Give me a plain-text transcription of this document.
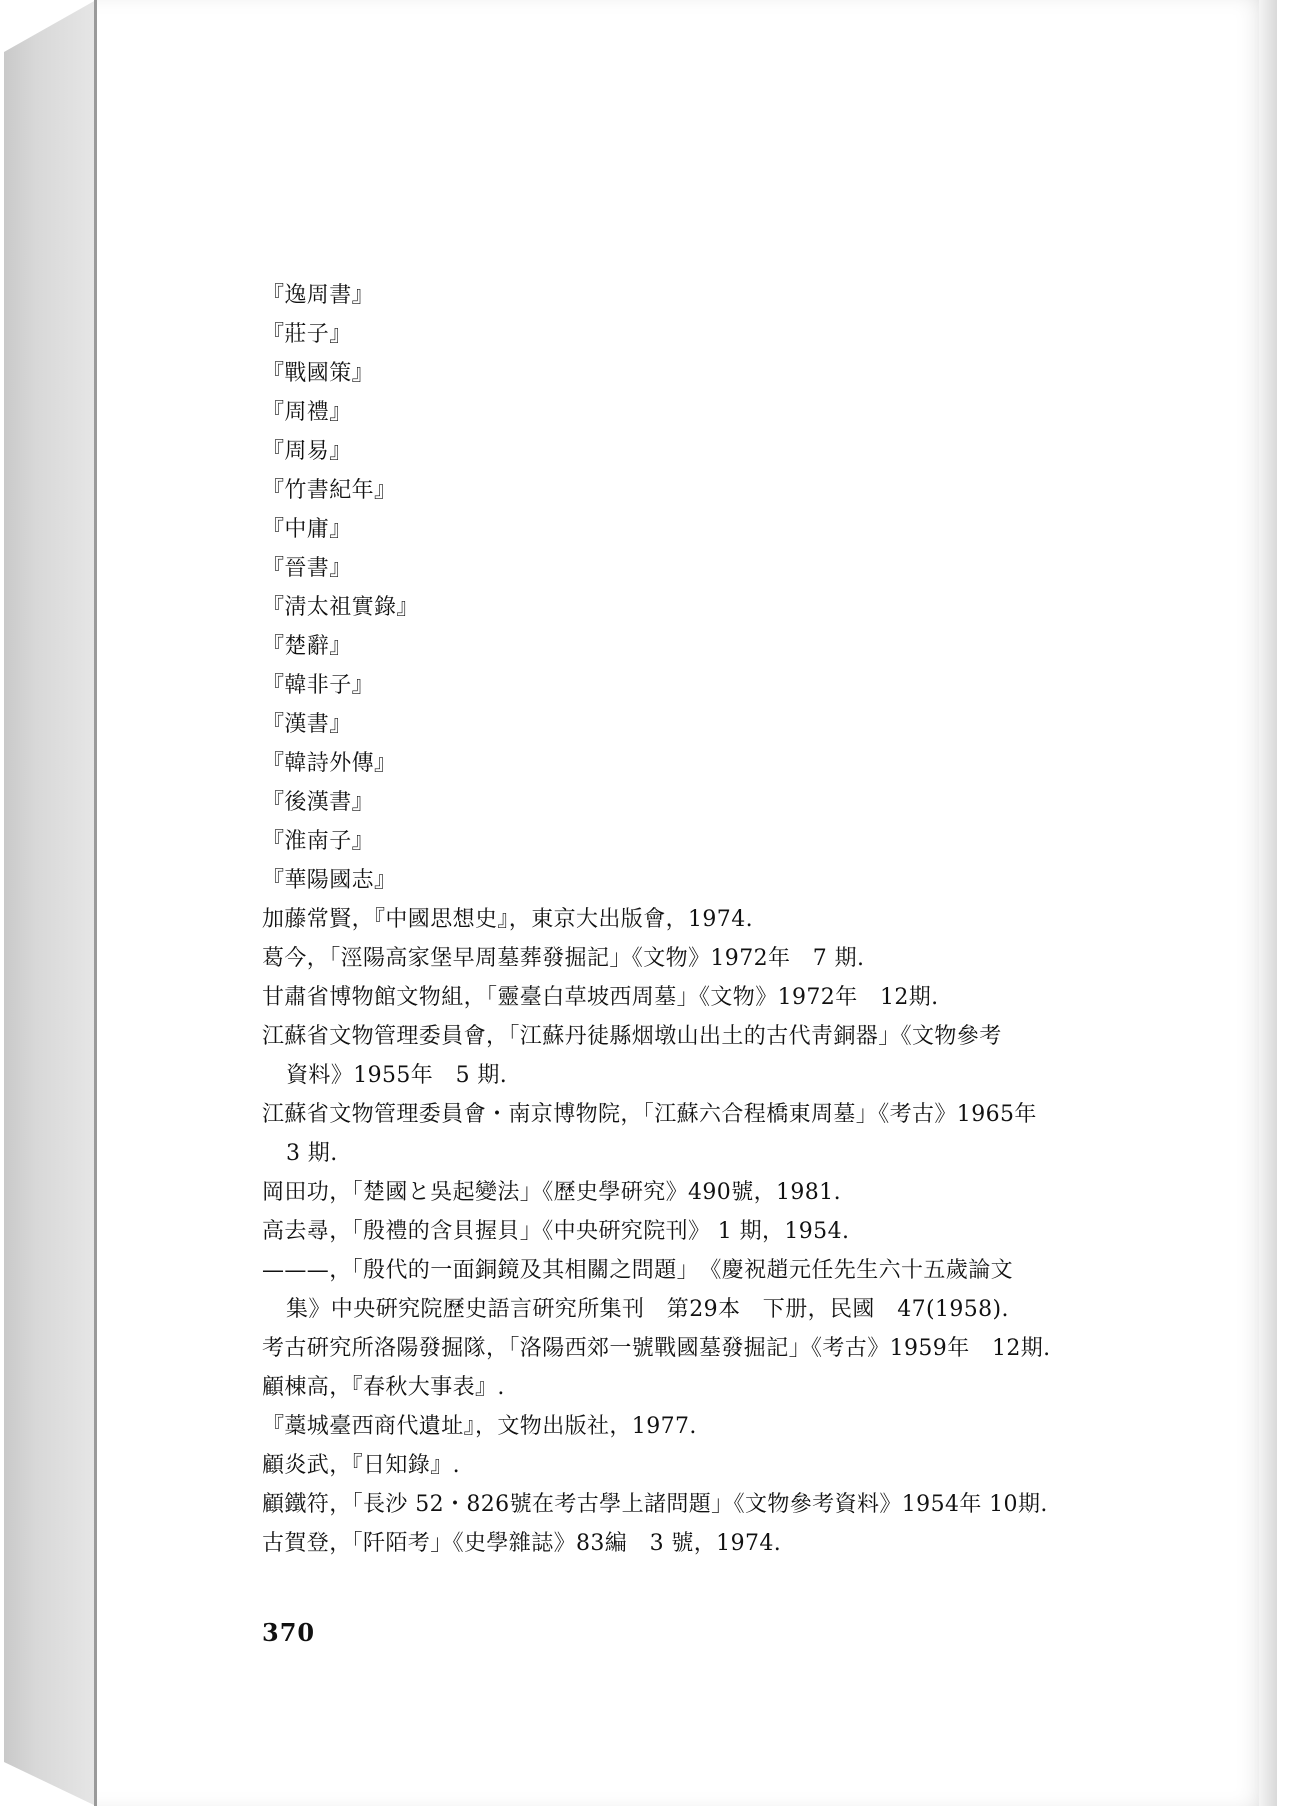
『逸周書』
『莊子』
『戰國策』
『周禮』
『周易』
『竹書紀年』
『中庸』
『晉書』
『淸太祖實錄』
『楚辭』
『韓非子』
『漢書』
『韓詩外傳』
『後漢書』
『淮南子』
『華陽國志』
加藤常賢，『中國思想史』，東京大出版會，1974.
葛今，「涇陽高家堡早周墓葬發掘記」《文物》1972年　7 期.
甘肅省博物館文物組，「靈臺白草坡西周墓」《文物》1972年　12期.
江蘇省文物管理委員會，「江蘇丹徒縣烟墩山出土的古代靑銅器」《文物參考
資料》1955年　5 期.
江蘇省文物管理委員會・南京博物院，「江蘇六合程橋東周墓」《考古》1965年
3 期.
岡田功，「楚國と吳起變法」《歷史學硏究》490號，1981.
高去尋，「殷禮的含貝握貝」《中央硏究院刊》 1 期，1954.
———，「殷代的一面銅鏡及其相關之問題」　《慶祝趙元任先生六十五歲論文
集》中央硏究院歷史語言硏究所集刊　第29本　下册，民國　47(1958).
考古硏究所洛陽發掘隊，「洛陽西郊一號戰國墓發掘記」《考古》1959年　12期.
顧棟高，『春秋大事表』.
『藁城臺西商代遺址』，文物出版社，1977.
顧炎武，『日知錄』.
顧鐵符，「長沙 52・826號在考古學上諸問題」《文物參考資料》1954年 10期.
古賀登，「阡陌考」《史學雜誌》83編　3 號，1974.
370
